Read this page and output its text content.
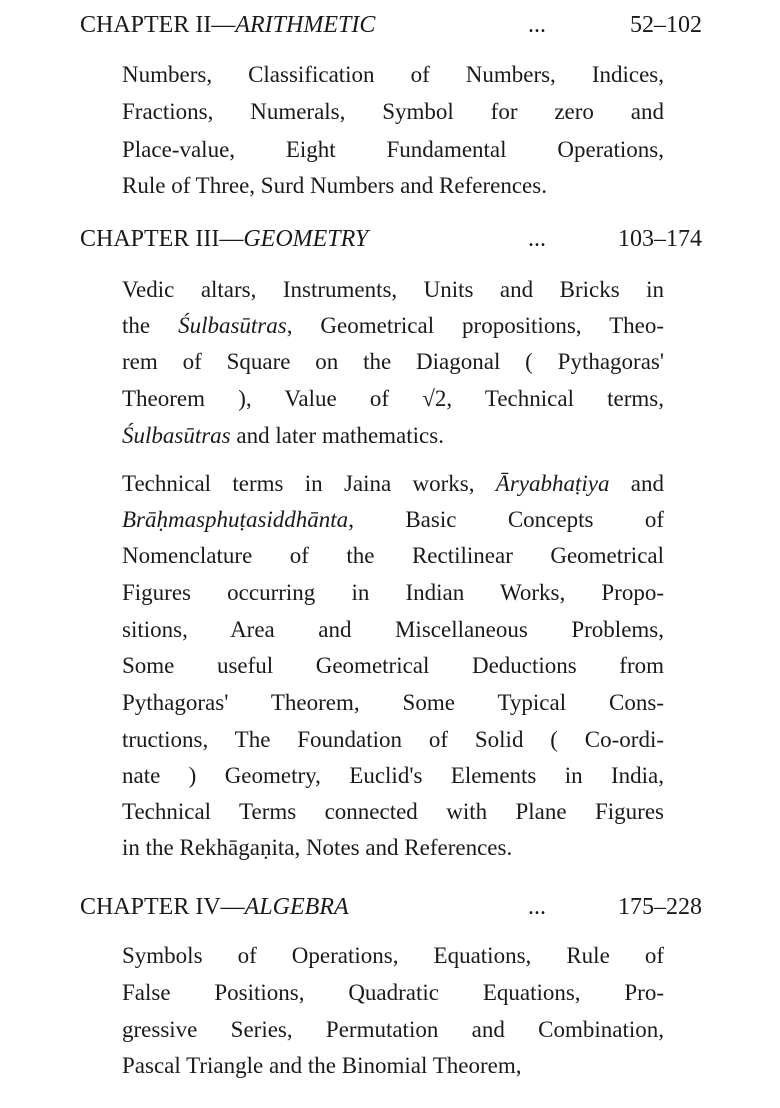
CHAPTER II—ARITHMETIC	...	52–102
Numbers, Classification of Numbers, Indices,
Fractions, Numerals, Symbol for zero and
Place-value, Eight Fundamental Operations,
Rule of Three, Surd Numbers and References.
CHAPTER III—GEOMETRY	...	103–174
Vedic altars, Instruments, Units and Bricks in
the Śulbasūtras, Geometrical propositions, Theo-
rem of Square on the Diagonal ( Pythagoras'
Theorem ), Value of √2, Technical terms,
Śulbasūtras and later mathematics.
Technical terms in Jaina works, Āryabhaṭiya and
Brāḥmasphuṭasiddhānta, Basic Concepts of
Nomenclature of the Rectilinear Geometrical
Figures occurring in Indian Works, Propo-
sitions, Area and Miscellaneous Problems,
Some useful Geometrical Deductions from
Pythagoras' Theorem, Some Typical Cons-
tructions, The Foundation of Solid ( Co-ordi-
nate ) Geometry, Euclid's Elements in India,
Technical Terms connected with Plane Figures
in the Rekhāgaṇita, Notes and References.
CHAPTER IV—ALGEBRA	...	175–228
Symbols of Operations, Equations, Rule of
False Positions, Quadratic Equations, Pro-
gressive Series, Permutation and Combination,
Pascal Triangle and the Binomial Theorem,
